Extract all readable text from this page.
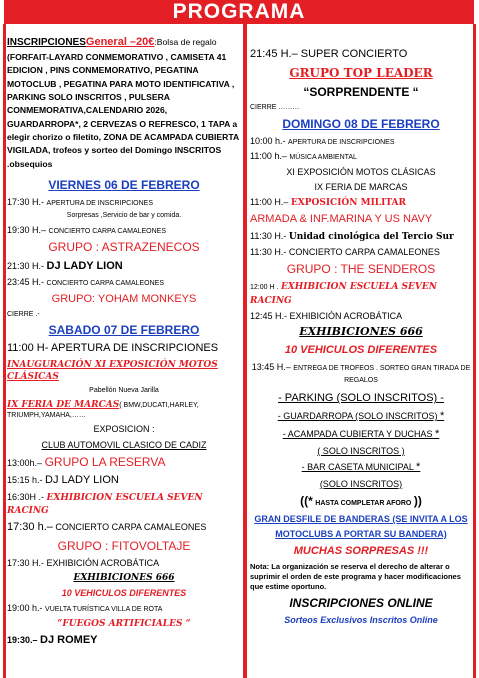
PROGRAMA
INSCRIPCIONESGeneral –20€:Bolsa de regalo (FORFAIT-LAYARD CONMEMORATIVO , CAMISETA 41 EDICION , PINS CONMEMORATIVO, PEGATINA MOTOCLUB , PEGATINA PARA MOTO IDENTIFICATIVA , PARKING SOLO INSCRITOS , PULSERA CONMEMORATIVA,CALENDARIO 2026, GUARDARROPA*, 2 CERVEZAS O REFRESCO, 1 TAPA a elegir chorizo o filetito, ZONA DE ACAMPADA CUBIERTA VIGILADA, trofeos y sorteo del Domingo INSCRITOS .obsequios
VIERNES 06 DE FEBRERO
17:30 H.- APERTURA DE INSCRIPCIONES
Sorpresas ,Servicio de bar y comida.
19:30 H.– CONCIERTO CARPA CAMALEONES
GRUPO : ASTRAZENECOS
21:30 H.- DJ LADY LION
23:45 H.- CONCIERTO CARPA CAMALEONES
GRUPO: YOHAM MONKEYS
CIERRE .-
SABADO 07 DE FEBRERO
11:00 H- APERTURA DE INSCRIPCIONES
INAUGURACIÓN XI EXPOSICIÓN MOTOS CLÁSICAS
Pabellón Nueva Jarilla
IX FERIA DE MARCAS( BMW,DUCATI,HARLEY, TRIUMPH,YAMAHA,……
EXPOSICION :
CLUB AUTOMOVIL CLASICO DE CADIZ
13:00h.– GRUPO LA RESERVA
15:15 h.- DJ LADY LION
16:30H .- EXHIBICION ESCUELA SEVEN RACING
17:30 h.– CONCIERTO CARPA CAMALEONES
GRUPO : FITOVOLTAJE
17:30 H.- EXHIBICIÓN ACROBÁTICA
EXHIBICIONES 666
10 VEHICULOS DIFERENTES
19:00 h.- VUELTA TURÍSTICA VILLA DE ROTA
“FUEGOS ARTIFICIALES “
19:30.– DJ ROMEY
21:45 H.– SUPER CONCIERTO
GRUPO TOP LEADER
“SORPRENDENTE “
CIERRE ………
DOMINGO 08 DE FEBRERO
10:00 h.- APERTURA DE INSCRIPCIONES
11:00 h.– MÚSICA AMBIENTAL
XI EXPOSICIÓN MOTOS CLÁSICAS
IX FERIA DE MARCAS
11:00 H.– EXPOSICIÓN MILITAR
ARMADA & INF.MARINA Y US NAVY
11:30 H.- Unidad cinológica del Tercio Sur
11:30 H.- CONCIERTO CARPA CAMALEONES
GRUPO : THE SENDEROS
12:00 H . EXHIBICION ESCUELA SEVEN RACING
12:45 H.- EXHIBICIÓN ACROBÁTICA
EXHIBICIONES 666
10 VEHICULOS DIFERENTES
13:45 H.– ENTREGA DE TROFEOS . SORTEO GRAN TIRADA DE REGALOS
- PARKING (SOLO INSCRITOS) -
- GUARDARROPA (SOLO INSCRITOS) *
- ACAMPADA CUBIERTA Y DUCHAS *
( SOLO INSCRITOS )
- BAR CASETA MUNICIPAL *
(SOLO INSCRITOS)
((* HASTA COMPLETAR AFORO ))
GRAN DESFILE DE BANDERAS (SE INVITA A LOS MOTOCLUBS A PORTAR SU BANDERA)
MUCHAS SORPRESAS !!!
Nota: La organización se reserva el derecho de alterar o suprimir el orden de este programa y hacer modificaciones que estime oportuno.
INSCRIPCIONES ONLINE
Sorteos Exclusivos Inscritos Online
